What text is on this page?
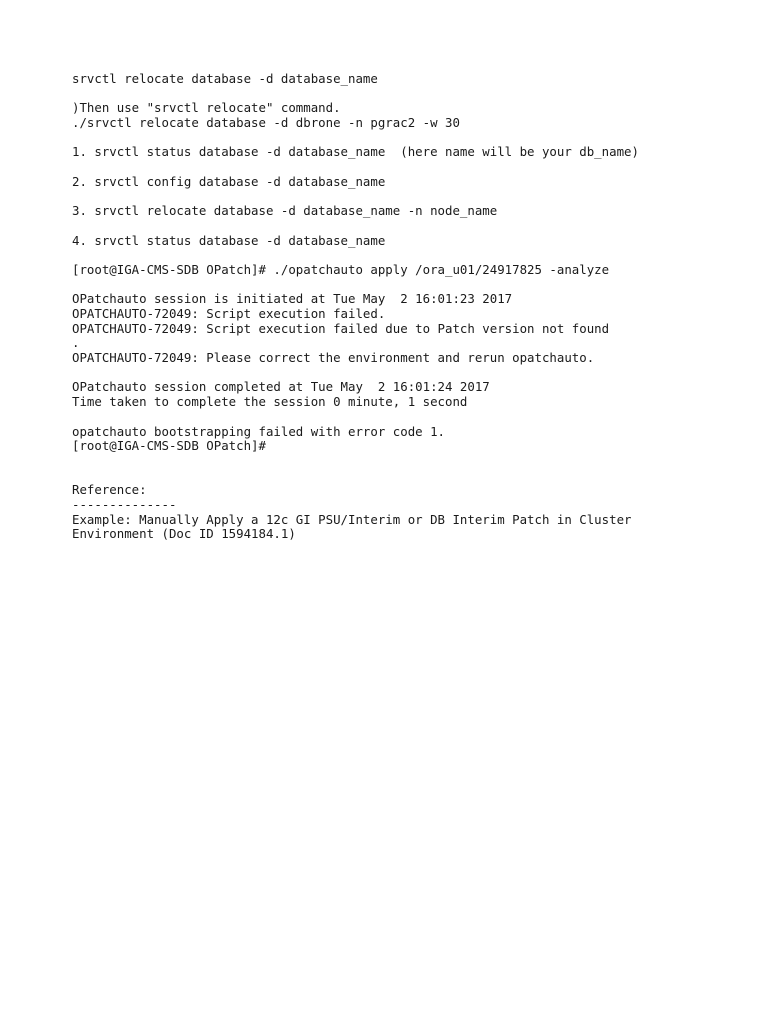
srvctl relocate database -d database_name
)Then use "srvctl relocate" command.
./srvctl relocate database -d dbrone -n pgrac2 -w 30
1. srvctl status database -d database_name  (here name will be your db_name)
2. srvctl config database -d database_name
3. srvctl relocate database -d database_name -n node_name
4. srvctl status database -d database_name
[root@IGA-CMS-SDB OPatch]# ./opatchauto apply /ora_u01/24917825 -analyze
OPatchauto session is initiated at Tue May  2 16:01:23 2017
OPATCHAUTO-72049: Script execution failed.
OPATCHAUTO-72049: Script execution failed due to Patch version not found
.
OPATCHAUTO-72049: Please correct the environment and rerun opatchauto.
OPatchauto session completed at Tue May  2 16:01:24 2017
Time taken to complete the session 0 minute, 1 second
opatchauto bootstrapping failed with error code 1.
[root@IGA-CMS-SDB OPatch]#
Reference:
--------------
Example: Manually Apply a 12c GI PSU/Interim or DB Interim Patch in Cluster
Environment (Doc ID 1594184.1)
